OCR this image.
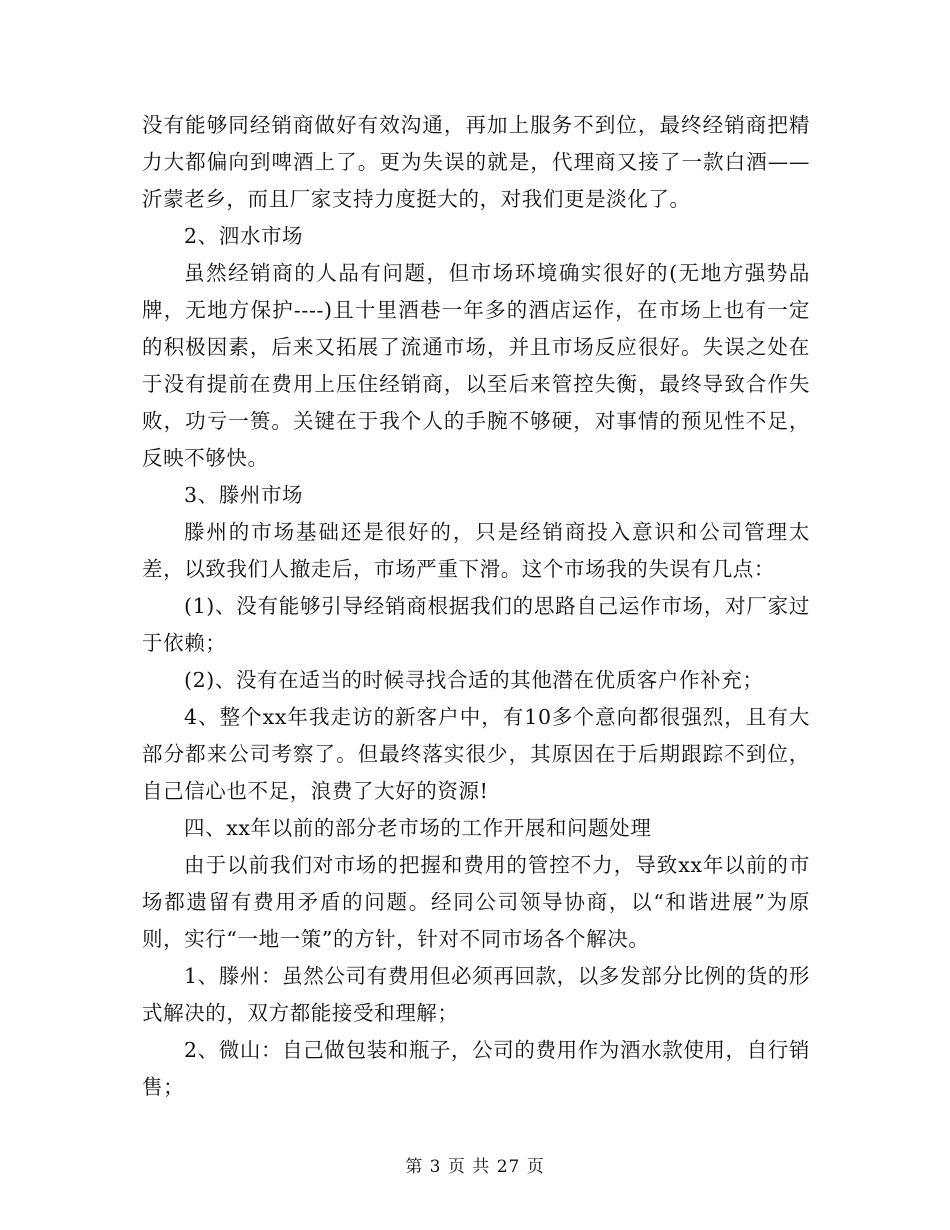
没有能够同经销商做好有效沟通，再加上服务不到位，最终经销商把精力大都偏向到啤酒上了。更为失误的就是，代理商又接了一款白酒——沂蒙老乡，而且厂家支持力度挺大的，对我们更是淡化了。

2、泗水市场

虽然经销商的人品有问题，但市场环境确实很好的(无地方强势品牌，无地方保护----)且十里酒巷一年多的酒店运作，在市场上也有一定的积极因素，后来又拓展了流通市场，并且市场反应很好。失误之处在于没有提前在费用上压住经销商，以至后来管控失衡，最终导致合作失败，功亏一篑。关键在于我个人的手腕不够硬，对事情的预见性不足，反映不够快。

3、滕州市场

滕州的市场基础还是很好的，只是经销商投入意识和公司管理太差，以致我们人撤走后，市场严重下滑。这个市场我的失误有几点：

(1)、没有能够引导经销商根据我们的思路自己运作市场，对厂家过于依赖；

(2)、没有在适当的时候寻找合适的其他潜在优质客户作补充；

4、整个xx年我走访的新客户中，有10多个意向都很强烈，且有大部分都来公司考察了。但最终落实很少，其原因在于后期跟踪不到位，自己信心也不足，浪费了大好的资源!

四、xx年以前的部分老市场的工作开展和问题处理

由于以前我们对市场的把握和费用的管控不力，导致xx年以前的市场都遗留有费用矛盾的问题。经同公司领导协商，以“和谐进展”为原则，实行“一地一策”的方针，针对不同市场各个解决。

1、滕州：虽然公司有费用但必须再回款，以多发部分比例的货的形式解决的，双方都能接受和理解；

2、微山：自己做包装和瓶子，公司的费用作为酒水款使用，自行销售；

第 3 页 共 27 页
